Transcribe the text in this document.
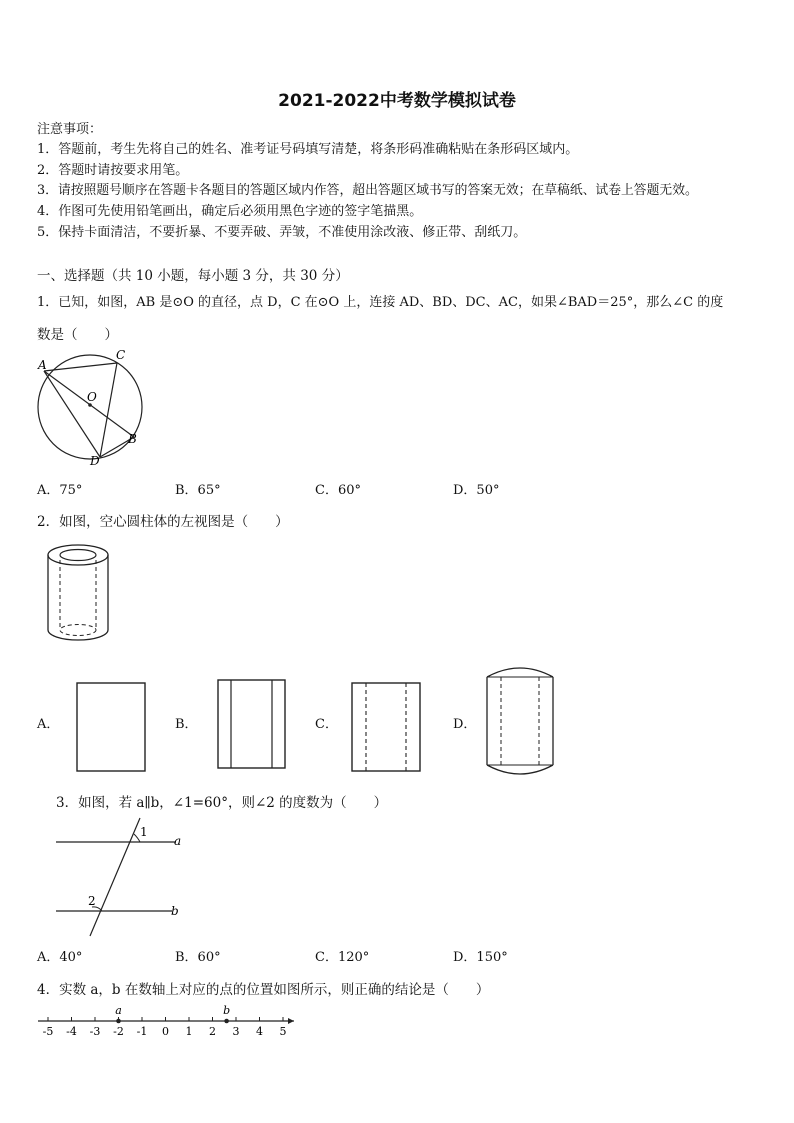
2021-2022中考数学模拟试卷
注意事项：
1．答题前，考生先将自己的姓名、准考证号码填写清楚，将条形码准确粘贴在条形码区域内。
2．答题时请按要求用笔。
3．请按照题号顺序在答题卡各题目的答题区域内作答，超出答题区域书写的答案无效；在草稿纸、试卷上答题无效。
4．作图可先使用铅笔画出，确定后必须用黑色字迹的签字笔描黑。
5．保持卡面清洁，不要折暴、不要弄破、弄皱，不准使用涂改液、修正带、刮纸刀。
一、选择题（共 10 小题，每小题 3 分，共 30 分）
1．已知，如图，AB 是⊙O 的直径，点 D，C 在⊙O 上，连接 AD、BD、DC、AC，如果∠BAD＝25°，那么∠C 的度
数是（　　）
A
C
O
B
D
A．75°	B．65°	C．60°	D．50°
2．如图，空心圆柱体的左视图是（　　）
A．	B．	C．	D．
3．如图，若 a∥b，∠1=60°，则∠2 的度数为（　　）
1
2
a
b
A．40°	B．60°	C．120°	D．150°
4．实数 a，b 在数轴上对应的点的位置如图所示，则正确的结论是（　　）
-5 -4 -3 -2 -1 0 1 2 3 4 5
a	b
